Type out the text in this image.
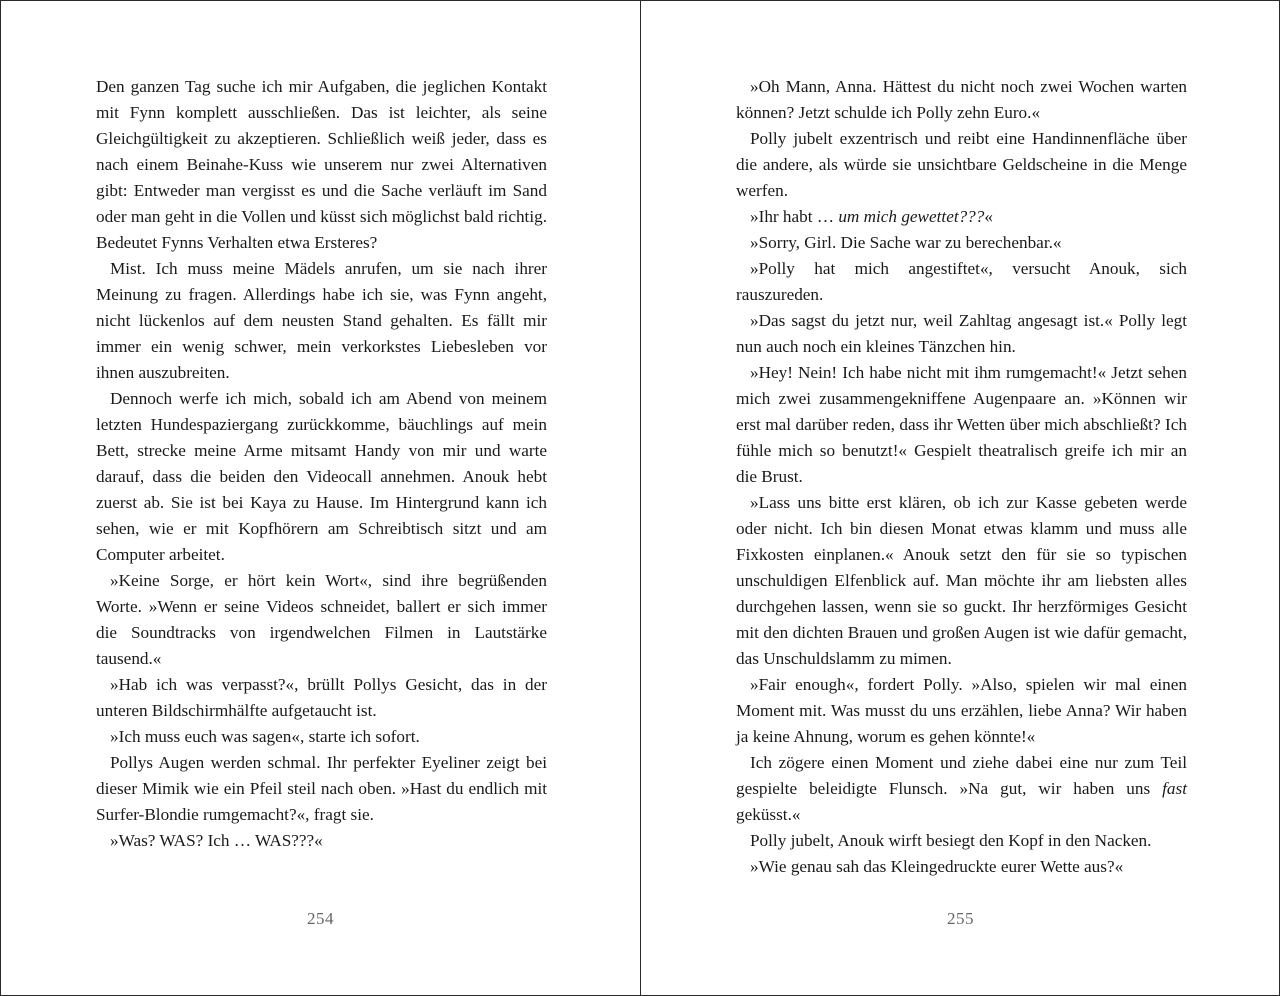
Den ganzen Tag suche ich mir Aufgaben, die jeglichen Kontakt mit Fynn komplett ausschließen. Das ist leichter, als seine Gleichgültigkeit zu akzeptieren. Schließlich weiß jeder, dass es nach einem Beinahe-Kuss wie unserem nur zwei Alternativen gibt: Entweder man vergisst es und die Sache verläuft im Sand oder man geht in die Vollen und küsst sich möglichst bald richtig. Bedeutet Fynns Verhalten etwa Ersteres?

Mist. Ich muss meine Mädels anrufen, um sie nach ihrer Meinung zu fragen. Allerdings habe ich sie, was Fynn angeht, nicht lückenlos auf dem neusten Stand gehalten. Es fällt mir immer ein wenig schwer, mein verkorkstes Liebesleben vor ihnen auszubreiten.

Dennoch werfe ich mich, sobald ich am Abend von meinem letzten Hundespaziergang zurückkomme, bäuchlings auf mein Bett, strecke meine Arme mitsamt Handy von mir und warte darauf, dass die beiden den Videocall annehmen. Anouk hebt zuerst ab. Sie ist bei Kaya zu Hause. Im Hintergrund kann ich sehen, wie er mit Kopfhörern am Schreibtisch sitzt und am Computer arbeitet.

»Keine Sorge, er hört kein Wort«, sind ihre begrüßenden Worte. »Wenn er seine Videos schneidet, ballert er sich immer die Soundtracks von irgendwelchen Filmen in Lautstärke tausend.«

»Hab ich was verpasst?«, brüllt Pollys Gesicht, das in der unteren Bildschirmhälfte aufgetaucht ist.

»Ich muss euch was sagen«, starte ich sofort.

Pollys Augen werden schmal. Ihr perfekter Eyeliner zeigt bei dieser Mimik wie ein Pfeil steil nach oben. »Hast du endlich mit Surfer-Blondie rumgemacht?«, fragt sie.

»Was? WAS? Ich … WAS???«

254

»Oh Mann, Anna. Hättest du nicht noch zwei Wochen warten können? Jetzt schulde ich Polly zehn Euro.«

Polly jubelt exzentrisch und reibt eine Handinnenfläche über die andere, als würde sie unsichtbare Geldscheine in die Menge werfen.

»Ihr habt … um mich gewettet???«

»Sorry, Girl. Die Sache war zu berechenbar.«

»Polly hat mich angestiftet«, versucht Anouk, sich rauszureden.

»Das sagst du jetzt nur, weil Zahltag angesagt ist.« Polly legt nun auch noch ein kleines Tänzchen hin.

»Hey! Nein! Ich habe nicht mit ihm rumgemacht!« Jetzt sehen mich zwei zusammengekniffene Augenpaare an. »Können wir erst mal darüber reden, dass ihr Wetten über mich abschließt? Ich fühle mich so benutzt!« Gespielt theatralisch greife ich mir an die Brust.

»Lass uns bitte erst klären, ob ich zur Kasse gebeten werde oder nicht. Ich bin diesen Monat etwas klamm und muss alle Fixkosten einplanen.« Anouk setzt den für sie so typischen unschuldigen Elfenblick auf. Man möchte ihr am liebsten alles durchgehen lassen, wenn sie so guckt. Ihr herzförmiges Gesicht mit den dichten Brauen und großen Augen ist wie dafür gemacht, das Unschuldslamm zu mimen.

»Fair enough«, fordert Polly. »Also, spielen wir mal einen Moment mit. Was musst du uns erzählen, liebe Anna? Wir haben ja keine Ahnung, worum es gehen könnte!«

Ich zögere einen Moment und ziehe dabei eine nur zum Teil gespielte beleidigte Flunsch. »Na gut, wir haben uns fast geküsst.«

Polly jubelt, Anouk wirft besiegt den Kopf in den Nacken.

»Wie genau sah das Kleingedruckte eurer Wette aus?«

255
